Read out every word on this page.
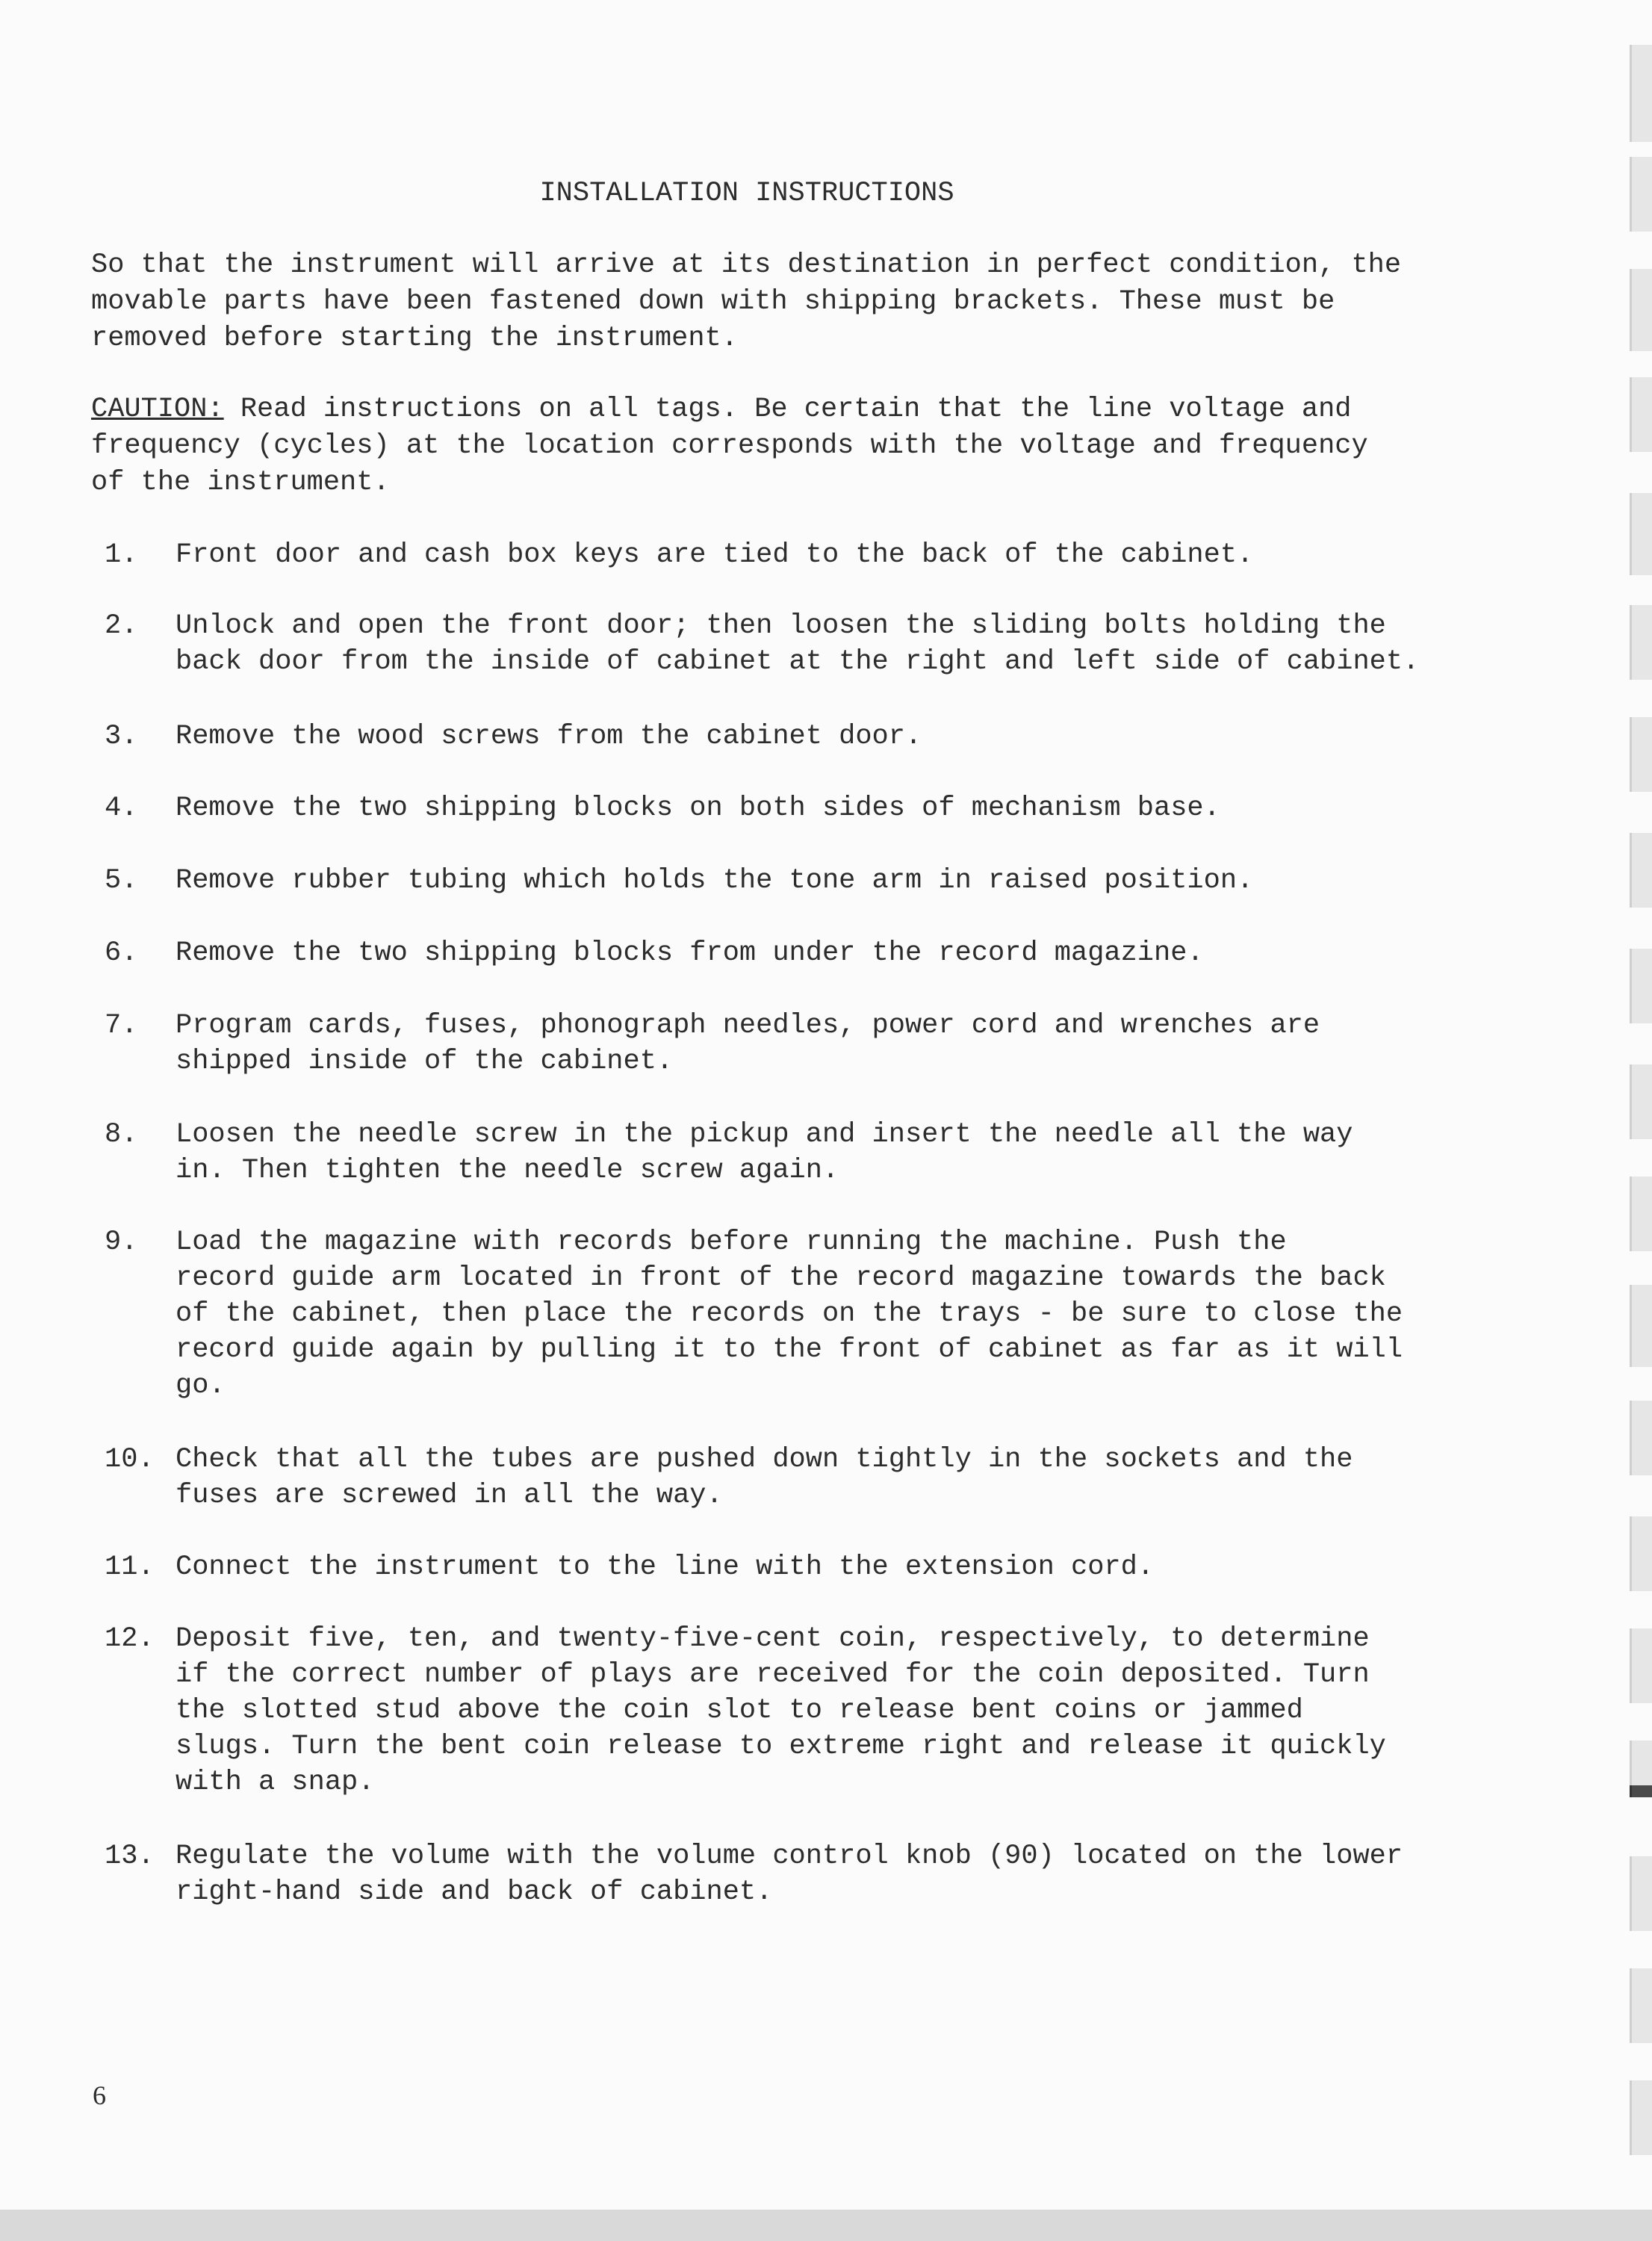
INSTALLATION INSTRUCTIONS
So that the instrument will arrive at its destination in perfect condition, the
movable parts have been fastened down with shipping brackets. These must be
removed before starting the instrument.
CAUTION: Read instructions on all tags. Be certain that the line voltage and
frequency (cycles) at the location corresponds with the voltage and frequency
of the instrument.
1.	Front door and cash box keys are tied to the back of the cabinet.
2.	Unlock and open the front door; then loosen the sliding bolts holding the
back door from the inside of cabinet at the right and left side of cabinet.
3.	Remove the wood screws from the cabinet door.
4.	Remove the two shipping blocks on both sides of mechanism base.
5.	Remove rubber tubing which holds the tone arm in raised position.
6.	Remove the two shipping blocks from under the record magazine.
7.	Program cards, fuses, phonograph needles, power cord and wrenches are
shipped inside of the cabinet.
8.	Loosen the needle screw in the pickup and insert the needle all the way
in. Then tighten the needle screw again.
9.	Load the magazine with records before running the machine. Push the
record guide arm located in front of the record magazine towards the back
of the cabinet, then place the records on the trays - be sure to close the
record guide again by pulling it to the front of cabinet as far as it will
go.
10. Check that all the tubes are pushed down tightly in the sockets and the
fuses are screwed in all the way.
11. Connect the instrument to the line with the extension cord.
12. Deposit five, ten, and twenty-five-cent coin, respectively, to determine
if the correct number of plays are received for the coin deposited. Turn
the slotted stud above the coin slot to release bent coins or jammed
slugs. Turn the bent coin release to extreme right and release it quickly
with a snap.
13. Regulate the volume with the volume control knob (90) located on the lower
right-hand side and back of cabinet.
6
